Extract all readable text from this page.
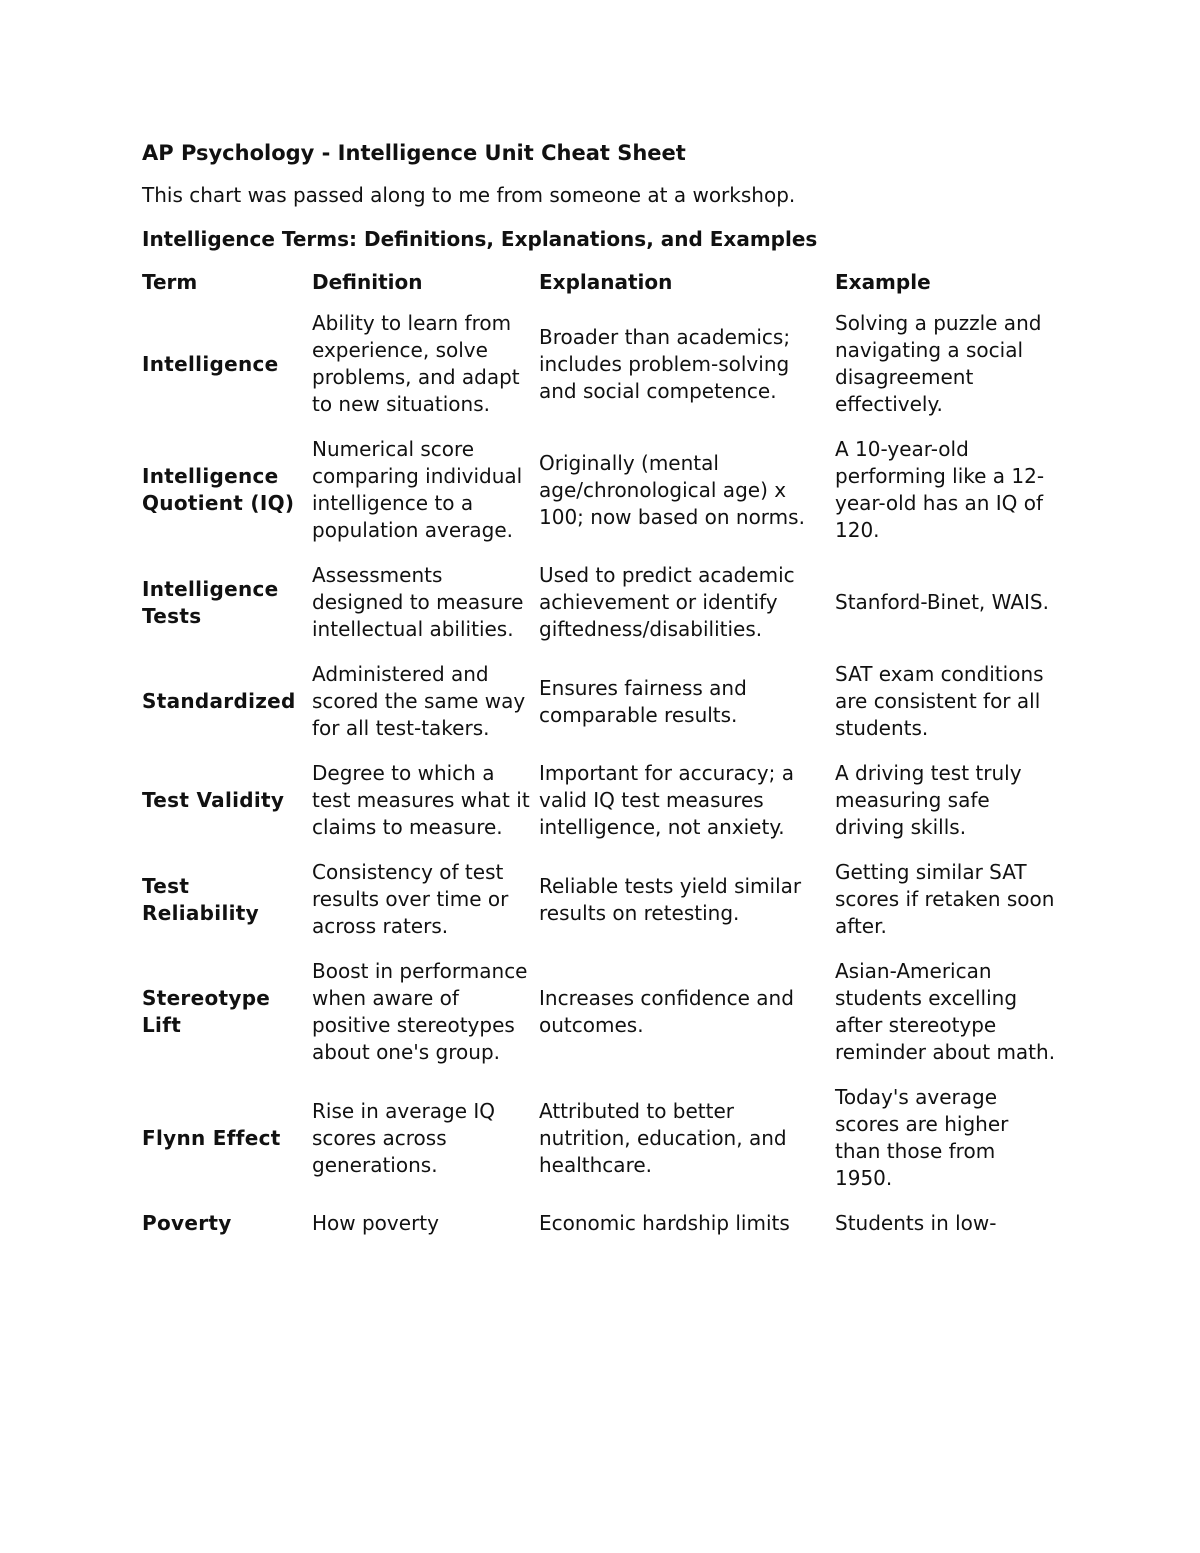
AP Psychology - Intelligence Unit Cheat Sheet
This chart was passed along to me from someone at a workshop.
Intelligence Terms: Definitions, Explanations, and Examples
Term	Definition	Explanation	Example
Intelligence	Ability to learn from experience, solve problems, and adapt to new situations.	Broader than academics; includes problem-solving and social competence.	Solving a puzzle and navigating a social disagreement effectively.
Intelligence Quotient (IQ)	Numerical score comparing individual intelligence to a population average.	Originally (mental age/chronological age) x 100; now based on norms.	A 10-year-old performing like a 12-year-old has an IQ of 120.
Intelligence Tests	Assessments designed to measure intellectual abilities.	Used to predict academic achievement or identify giftedness/disabilities.	Stanford-Binet, WAIS.
Standardized	Administered and scored the same way for all test-takers.	Ensures fairness and comparable results.	SAT exam conditions are consistent for all students.
Test Validity	Degree to which a test measures what it claims to measure.	Important for accuracy; a valid IQ test measures intelligence, not anxiety.	A driving test truly measuring safe driving skills.
Test Reliability	Consistency of test results over time or across raters.	Reliable tests yield similar results on retesting.	Getting similar SAT scores if retaken soon after.
Stereotype Lift	Boost in performance when aware of positive stereotypes about one's group.	Increases confidence and outcomes.	Asian-American students excelling after stereotype reminder about math.
Flynn Effect	Rise in average IQ scores across generations.	Attributed to better nutrition, education, and healthcare.	Today's average scores are higher than those from 1950.
Poverty	How poverty	Economic hardship limits	Students in low-
